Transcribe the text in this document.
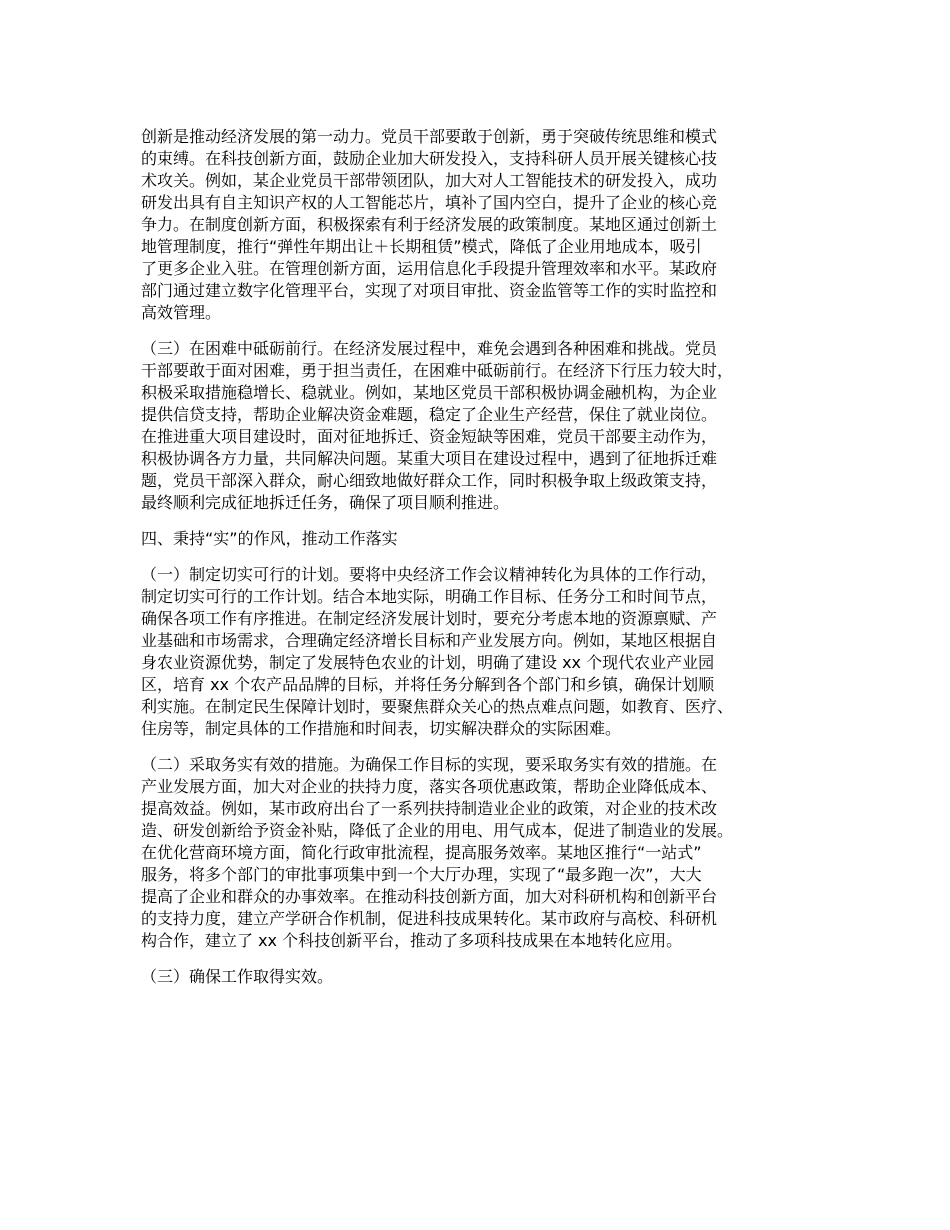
创新是推动经济发展的第一动力。党员干部要敢于创新，勇于突破传统思维和模式
的束缚。在科技创新方面，鼓励企业加大研发投入，支持科研人员开展关键核心技
术攻关。例如，某企业党员干部带领团队，加大对人工智能技术的研发投入，成功
研发出具有自主知识产权的人工智能芯片，填补了国内空白，提升了企业的核心竞
争力。在制度创新方面，积极探索有利于经济发展的政策制度。某地区通过创新土
地管理制度，推行“弹性年期出让＋长期租赁”模式，降低了企业用地成本，吸引
了更多企业入驻。在管理创新方面，运用信息化手段提升管理效率和水平。某政府
部门通过建立数字化管理平台，实现了对项目审批、资金监管等工作的实时监控和
高效管理。

（三）在困难中砥砺前行。在经济发展过程中，难免会遇到各种困难和挑战。党员
干部要敢于面对困难，勇于担当责任，在困难中砥砺前行。在经济下行压力较大时，
积极采取措施稳增长、稳就业。例如，某地区党员干部积极协调金融机构，为企业
提供信贷支持，帮助企业解决资金难题，稳定了企业生产经营，保住了就业岗位。
在推进重大项目建设时，面对征地拆迁、资金短缺等困难，党员干部要主动作为，
积极协调各方力量，共同解决问题。某重大项目在建设过程中，遇到了征地拆迁难
题，党员干部深入群众，耐心细致地做好群众工作，同时积极争取上级政策支持，
最终顺利完成征地拆迁任务，确保了项目顺利推进。

四、秉持“实”的作风，推动工作落实

（一）制定切实可行的计划。要将中央经济工作会议精神转化为具体的工作行动，
制定切实可行的工作计划。结合本地实际，明确工作目标、任务分工和时间节点，
确保各项工作有序推进。在制定经济发展计划时，要充分考虑本地的资源禀赋、产
业基础和市场需求，合理确定经济增长目标和产业发展方向。例如，某地区根据自
身农业资源优势，制定了发展特色农业的计划，明确了建设 xx 个现代农业产业园
区，培育 xx 个农产品品牌的目标，并将任务分解到各个部门和乡镇，确保计划顺
利实施。在制定民生保障计划时，要聚焦群众关心的热点难点问题，如教育、医疗、
住房等，制定具体的工作措施和时间表，切实解决群众的实际困难。

（二）采取务实有效的措施。为确保工作目标的实现，要采取务实有效的措施。在
产业发展方面，加大对企业的扶持力度，落实各项优惠政策，帮助企业降低成本、
提高效益。例如，某市政府出台了一系列扶持制造业企业的政策，对企业的技术改
造、研发创新给予资金补贴，降低了企业的用电、用气成本，促进了制造业的发展。
在优化营商环境方面，简化行政审批流程，提高服务效率。某地区推行“一站式”
服务，将多个部门的审批事项集中到一个大厅办理，实现了“最多跑一次”，大大
提高了企业和群众的办事效率。在推动科技创新方面，加大对科研机构和创新平台
的支持力度，建立产学研合作机制，促进科技成果转化。某市政府与高校、科研机
构合作，建立了 xx 个科技创新平台，推动了多项科技成果在本地转化应用。

（三）确保工作取得实效。
